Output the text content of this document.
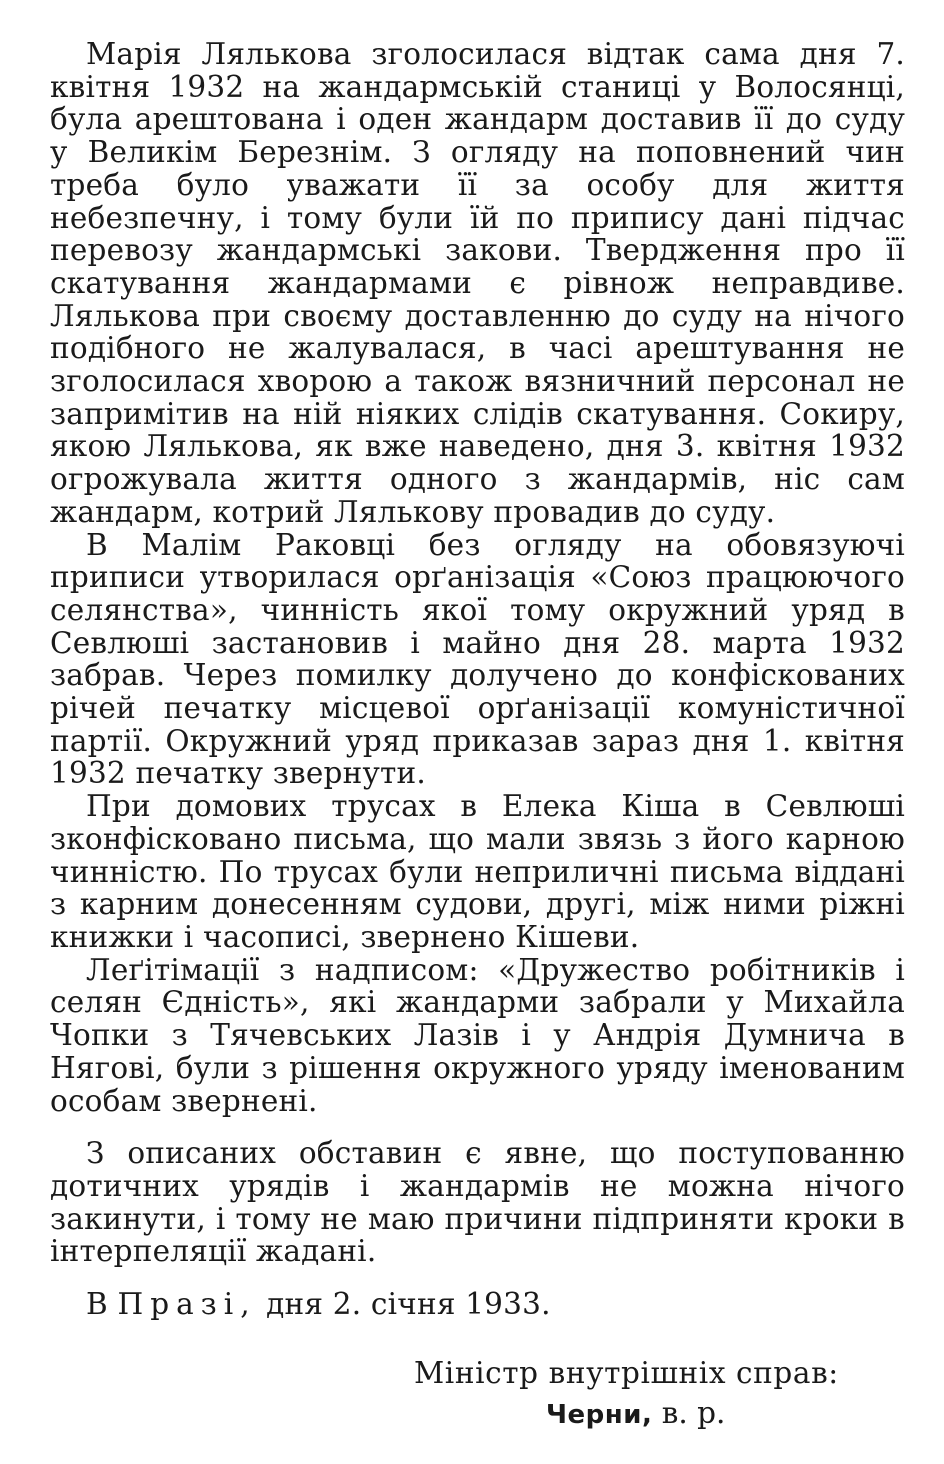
Марія Лялькова зголосилася відтак сама дня 7. квітня 1932 на жандармській станиці у Волосянці, була арештована і оден жандарм доставив її до суду у Великім Березнім. З огляду на поповнений чин треба було уважати її за особу для життя небезпечну, і тому були їй по припису дані підчас перевозу жандармські закови. Твердження про її скатування жандармами є рівнож неправдиве. Лялькова при своєму доставленню до суду на нічого подібного не жалувалася, в часі арештування не зголосилася хворою а також вязничний персонал не запримітив на ній ніяких слідів скатування. Сокиру, якою Лялькова, як вже наведено, дня 3. квітня 1932 огрожувала життя одного з жандармів, ніс сам жандарм, котрий Лялькову провадив до суду.

В Малім Раковці без огляду на обовязуючі приписи утворилася орґанізація «Союз працюючого селянства», чинність якої тому окружний уряд в Севлюші застановив і майно дня 28. марта 1932 забрав. Через помилку долучено до конфіскованих річей печатку місцевої орґанізації комуністичної партії. Окружний уряд приказав зараз дня 1. квітня 1932 печатку звернути.

При домових трусах в Елека Кіша в Севлюші зконфісковано письма, що мали звязь з його карною чинністю. По трусах були неприличні письма віддані з карним донесенням судови, другі, між ними ріжні книжки і часописі, звернено Кішеви.

Леґітімації з надписом: «Дружество робітників і селян Єдність», які жандарми забрали у Михайла Чопки з Тячевських Лазів і у Андрія Думнича в Нягові, були з рішення окружного уряду іменованим особам звернені.

З описаних обставин є явне, що поступованню дотичних урядів і жандармів не можна нічого закинути, і тому не маю причини підприняти кроки в інтерпеляції жадані.

В Празі, дня 2. січня 1933.

Міністр внутрішніх справ:

Черни, в. р.
